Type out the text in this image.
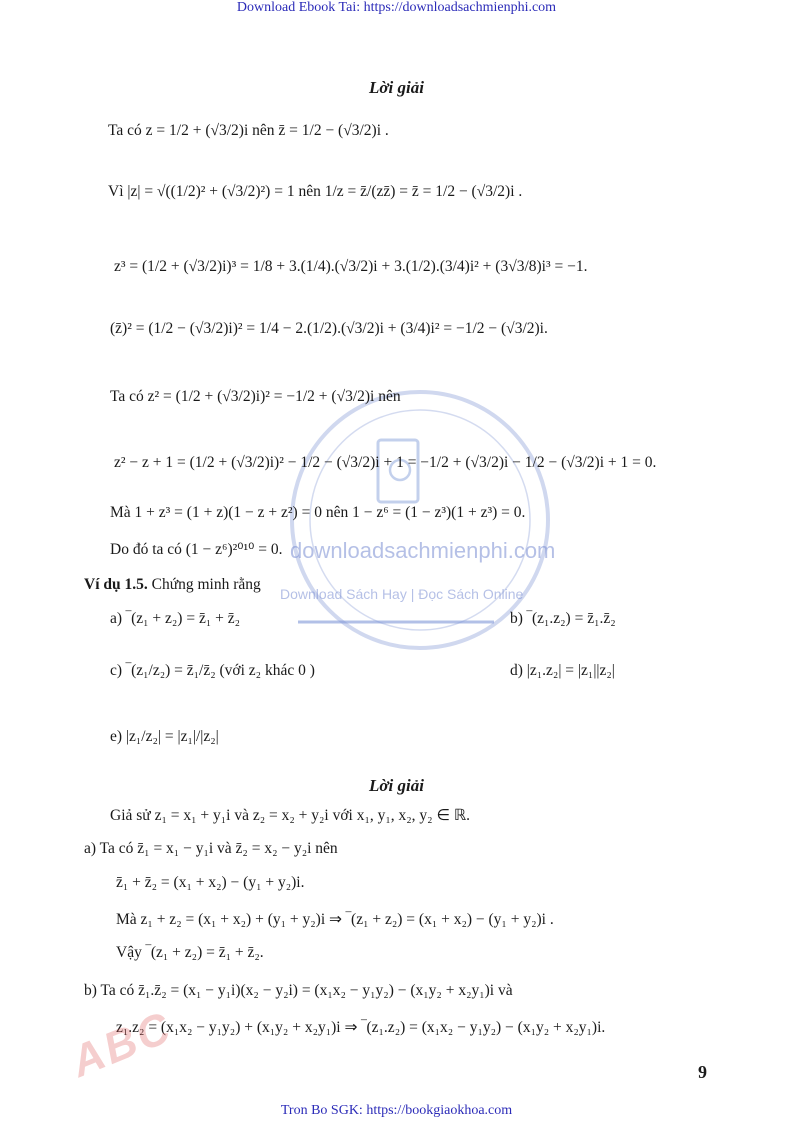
Download Ebook Tai: https://downloadsachmienphi.com
downloadsachmienphi.com
Download Sách Hay | Đọc Sách Online
Lời giải
Ta có z = 1/2 + (√3/2)i nên z̄ = 1/2 − (√3/2)i .
Vì |z| = √((1/2)² + (√3/2)²) = 1 nên 1/z = z̄/(zz̄) = z̄ = 1/2 − (√3/2)i .
z³ = (1/2 + (√3/2)i)³ = 1/8 + 3.(1/4).(√3/2)i + 3.(1/2).(3/4)i² + (3√3/8)i³ = −1.
(z̄)² = (1/2 − (√3/2)i)² = 1/4 − 2.(1/2).(√3/2)i + (3/4)i² = −1/2 − (√3/2)i.
Ta có z² = (1/2 + (√3/2)i)² = −1/2 + (√3/2)i nên
z² − z + 1 = (1/2 + (√3/2)i)² − 1/2 − (√3/2)i + 1 = −1/2 + (√3/2)i − 1/2 − (√3/2)i + 1 = 0.
Mà 1 + z³ = (1 + z)(1 − z + z²) = 0 nên 1 − z⁶ = (1 − z³)(1 + z³) = 0.
Do đó ta có (1 − z⁶)²⁰¹⁰ = 0.
Ví dụ 1.5. Chứng minh rằng
a) ‾(z₁ + z₂) = z̄₁ + z̄₂	b) ‾(z₁.z₂) = z̄₁.z̄₂
c) ‾(z₁/z₂) = z̄₁/z̄₂ (với z₂ khác 0 )	d) |z₁.z₂| = |z₁||z₂|
e) |z₁/z₂| = |z₁|/|z₂|
Lời giải
Giả sử z₁ = x₁ + y₁i và z₂ = x₂ + y₂i với x₁, y₁, x₂, y₂ ∈ ℝ.
a) Ta có z̄₁ = x₁ − y₁i và z̄₂ = x₂ − y₂i nên
z̄₁ + z̄₂ = (x₁ + x₂) − (y₁ + y₂)i.
Mà z₁ + z₂ = (x₁ + x₂) + (y₁ + y₂)i ⇒ ‾(z₁ + z₂) = (x₁ + x₂) − (y₁ + y₂)i .
Vậy ‾(z₁ + z₂) = z̄₁ + z̄₂.
b) Ta có z̄₁.z̄₂ = (x₁ − y₁i)(x₂ − y₂i) = (x₁x₂ − y₁y₂) − (x₁y₂ + x₂y₁)i và
z₁.z₂ = (x₁x₂ − y₁y₂) + (x₁y₂ + x₂y₁)i ⇒ ‾(z₁.z₂) = (x₁x₂ − y₁y₂) − (x₁y₂ + x₂y₁)i.
ABC	9
Tron Bo SGK: https://bookgiaokhoa.com
